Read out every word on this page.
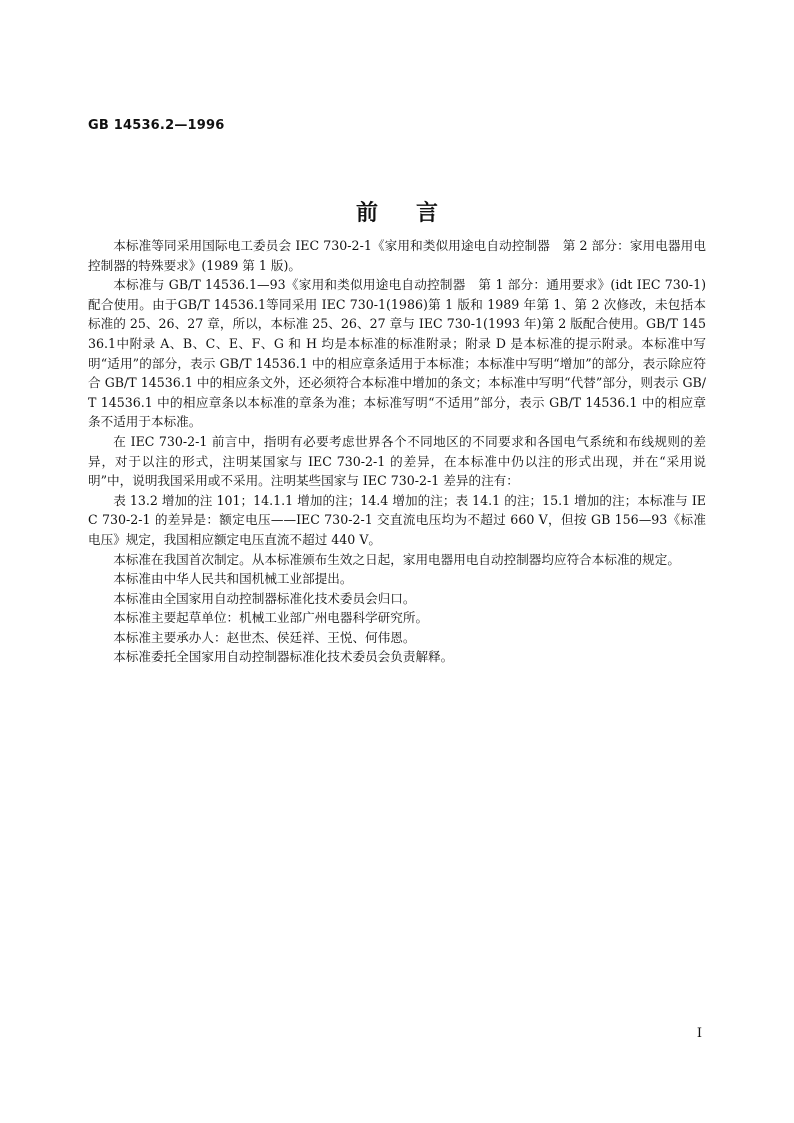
GB 14536.2—1996
前言

本标准等同采用国际电工委员会 IEC 730-2-1《家用和类似用途电自动控制器　第 2 部分：家用电器用电控制器的特殊要求》(1989 第 1 版)。

本标准与 GB/T 14536.1—93《家用和类似用途电自动控制器　第 1 部分：通用要求》(idt IEC 730-1)配合使用。由于GB/T 14536.1等同采用 IEC 730-1(1986)第 1 版和 1989 年第 1、第 2 次修改，未包括本标准的 25、26、27 章，所以，本标准 25、26、27 章与 IEC 730-1(1993 年)第 2 版配合使用。GB/T 14536.1中附录 A、B、C、E、F、G 和 H 均是本标准的标准附录；附录 D 是本标准的提示附录。本标准中写明“适用”的部分，表示 GB/T 14536.1 中的相应章条适用于本标准；本标准中写明“增加”的部分，表示除应符合 GB/T 14536.1 中的相应条文外，还必须符合本标准中增加的条文；本标准中写明“代替”部分，则表示 GB/T 14536.1 中的相应章条以本标准的章条为准；本标准写明“不适用”部分，表示 GB/T 14536.1 中的相应章条不适用于本标准。

在 IEC 730-2-1 前言中，指明有必要考虑世界各个不同地区的不同要求和各国电气系统和布线规则的差异，对于以注的形式，注明某国家与 IEC 730-2-1 的差异，在本标准中仍以注的形式出现，并在“采用说明”中，说明我国采用或不采用。注明某些国家与 IEC 730-2-1 差异的注有：

表 13.2 增加的注 101；14.1.1 增加的注；14.4 增加的注；表 14.1 的注；15.1 增加的注；本标准与 IEC 730-2-1 的差异是：额定电压——IEC 730-2-1 交直流电压均为不超过 660 V，但按 GB 156—93《标准电压》规定，我国相应额定电压直流不超过 440 V。

本标准在我国首次制定。从本标准颁布生效之日起，家用电器用电自动控制器均应符合本标准的规定。

本标准由中华人民共和国机械工业部提出。

本标准由全国家用自动控制器标准化技术委员会归口。

本标准主要起草单位：机械工业部广州电器科学研究所。

本标准主要承办人：赵世杰、侯廷祥、王悦、何伟恩。

本标准委托全国家用自动控制器标准化技术委员会负责解释。

I
